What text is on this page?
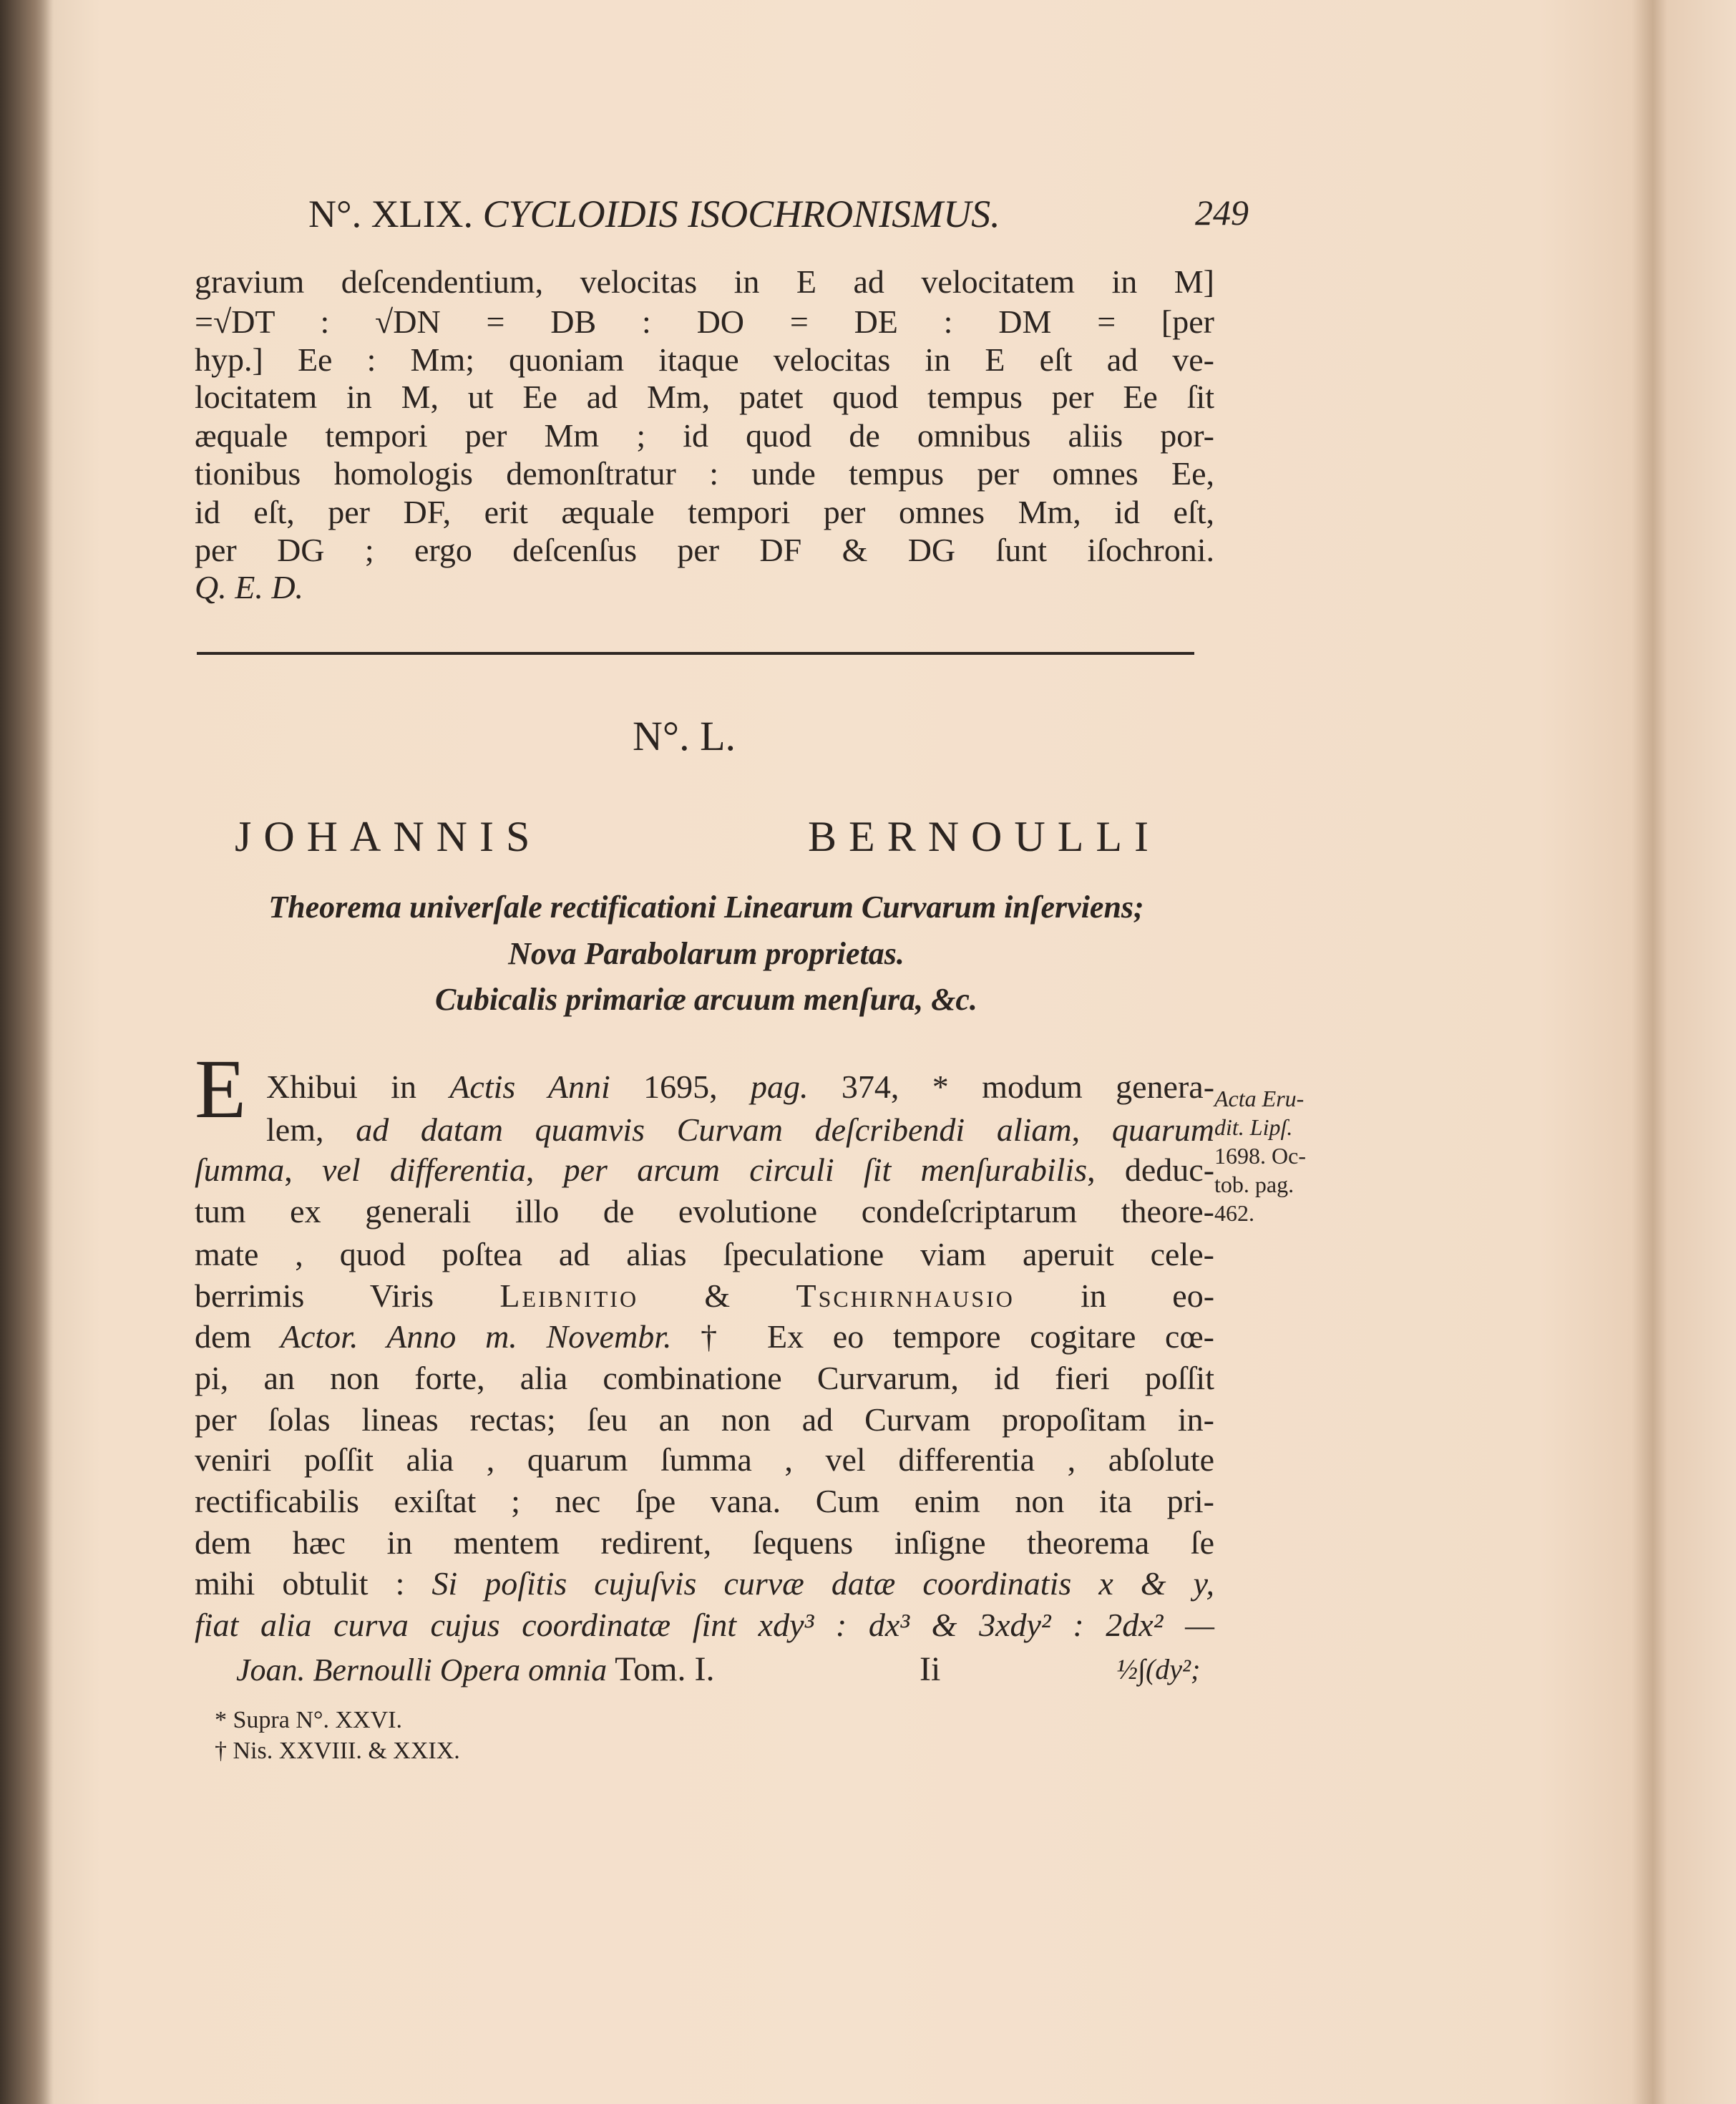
N°. XLIX. CYCLOIDIS ISOCHRONISMUS.	249
gravium deſcendentium, velocitas in E ad velocitatem in M]
=√DT : √DN = DB : DO = DE : DM = [per
hyp.] Ee : Mm; quoniam itaque velocitas in E eſt ad ve-
locitatem in M, ut Ee ad Mm, patet quod tempus per Ee ſit
æquale tempori per Mm ; id quod de omnibus aliis por-
tionibus homologis demonſtratur : unde tempus per omnes Ee,
id eſt, per DF, erit æquale tempori per omnes Mm, id eſt,
per DG ; ergo deſcenſus per DF & DG ſunt iſochroni.
Q. E. D.
N°. L.
JOHANNIS BERNOULLI
Theorema univerſale rectificationi Linearum Curvarum inſerviens;
Nova Parabolarum proprietas.
Cubicalis primariæ arcuum menſura, &c.
E Xhibui in Actis Anni 1695, pag. 374, * modum genera-
lem, ad datam quamvis Curvam deſcribendi aliam, quarum
ſumma, vel differentia, per arcum circuli ſit menſurabilis, deduc-
tum ex generali illo de evolutione condeſcriptarum theore-
mate , quod poſtea ad alias ſpeculatione viam aperuit cele-
berrimis Viris Leibnitio & Tschirnhausio in eo-
dem Actor. Anno m. Novembr. † Ex eo tempore cogitare cœ-
pi, an non forte, alia combinatione Curvarum, id fieri poſſit
per ſolas lineas rectas; ſeu an non ad Curvam propoſitam in-
veniri poſſit alia , quarum ſumma , vel differentia , abſolute
rectificabilis exiſtat ; nec ſpe vana. Cum enim non ita pri-
dem hæc in mentem redirent, ſequens inſigne theorema ſe
mihi obtulit : Si poſitis cujuſvis curvæ datæ coordinatis x & y,
fiat alia curva cujus coordinatæ ſint xdy³ : dx³ & 3xdy² : 2dx² —
Joan. Bernoulli Opera omnia Tom. I.	Ii	½∫(dy²;
Acta Eru-
dit. Lipſ.
1698. Oc-
tob. pag.
462.
* Supra N°. XXVI.
† Nis. XXVIII. & XXIX.
